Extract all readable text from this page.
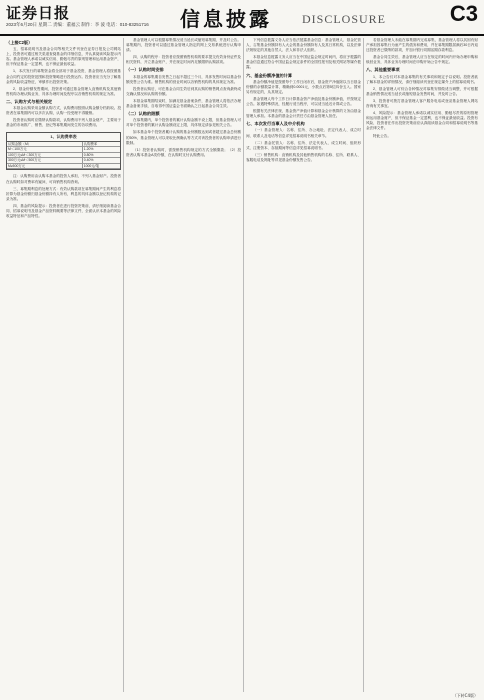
证券日报
2023年6月20日 星期二 责编：董福云 制作：李 波 电话：010-83251716 信息披露	DISCLOSURE	C3
（上接C2版）

五、招募说明书及基金合同等相关文件刊登在证券日报及公司网站上，投资者可通过相关渠道查阅基金的详细信息，并认真阅读风险提示内容。基金管理人承诺以诚实信用、勤勉尽责的原则管理和运用基金资产，但不保证基金一定盈利，也不保证最低收益。

1、本次发行的募集资金将全部用于基金投资，基金管理人将按照基金合同约定的投资范围和投资策略进行投资运作。投资者应当充分了解基金的风险收益特征，审慎作出投资决策。

2、基金份额发售期间，投资者可通过基金管理人直销机构及其他销售机构办理认购业务，具体办理时间及程序以各销售机构的规定为准。

二、认购方式与相关规定

本基金认购采用金额认购方式，认购费用按照认购金额分档收取。投资者在募集期内可以多次认购，认购一经受理不得撤销。

投资者认购时应缴纳认购款项，认购费用不列入基金财产，主要用于基金的市场推广、销售、登记等募集期间发生的各项费用。

1、认购费率表
认购金额（M）	认购费率
M＜100万元	1.20%
100万元≤M＜300万元	0.80%
300万元≤M＜500万元	0.40%
M≥500万元	1000元/笔

注：认购费用由认购本基金的投资人承担，不列入基金财产。投资者在认购时如对费率有疑问，可向销售机构咨询。

三、募集期利息的处理方式：有效认购款项在募集期间产生的利息将折算为基金份额归基金份额持有人所有，利息的具体金额以登记机构的记录为准。

四、基金的风险提示：投资者在进行投资决策前，请仔细阅读基金合同、招募说明书及基金产品资料概要等法律文件，全面认识本基金的风险收益特征和产品特性。

基金管理人可以根据募集情况适当延长或缩短募集期，并及时公告。募集期内，投资者可以通过基金管理人指定的网上交易系统进行认购申请。

四、认购的程序：投资者应按照销售机构的要求提交有效身份证件及相关资料，开立基金账户，并在规定时间内足额缴纳认购款项。

（一）认购时间安排

本基金的募集期自发售之日起不超过三个月，具体发售时间以基金份额发售公告为准。销售机构的营业时间以各销售机构的具体规定为准。

投资者认购后，可在基金合同生效后到其认购的销售网点查询最终成交确认情况和认购的份额。

本基金募集期结束时，如满足基金备案条件，基金管理人将依法办理基金备案手续，自取得中国证监会书面确认之日起基金合同生效。

（二）认购的限额

在募集期内，单个投资者的累计认购金额不设上限，但基金管理人可对单个投资者的累计认购金额设定上限，具体规定请参见相关公告。

如本基金单个投资者累计认购的基金份额数达到或者超过基金总份额的50%，基金管理人可以采取比例确认等方式对该投资者的认购申请进行限制。

（1）投资者认购时，需按销售机构规定的方式全额缴款；（2）投资者认购本基金A类份额，在认购时支付认购费用。

下列信息披露义务人应当依法披露基金信息：基金管理人、基金托管人、召集基金份额持有人大会的基金份额持有人及其日常机构，以及法律法规规定的其他自然人、法人和非法人组织。

本基金信息披露义务人应当在中国证监会规定时间内，将应予披露的基金信息通过符合中国证监会规定条件的全国性报刊及相关网站等媒介披露。

六、基金份额净值的计算

基金份额净值是按照每个工作日闭市后，基金资产净值除以当日基金份额的余额数量计算，精确到0.0001元，小数点后第5位四舍五入。国家另有规定的，从其规定。

基金管理人每个工作日计算基金资产净值及基金份额净值，并按规定公告。如遇特殊情况，经履行适当程序，可以适当延迟计算或公告。

根据有关法律法规，基金资产净值计算和基金会计核算的义务由基金管理人承担。本基金的基金会计责任方由基金管理人担任。

七、本次发行当事人及中介机构

（一）基金管理人：名称、住所、办公地址、法定代表人、成立时间、联系人及电话等信息详见招募说明书相关章节。

（二）基金托管人：名称、住所、法定代表人、成立时间、组织形式、注册资本、存续期间等信息详见招募说明书。

（三）销售机构：直销机构及其他销售机构的名称、住所、联系人、客服电话及网址等详见基金份额发售公告。

若基金管理人未能在募集期内完成募集，基金管理人将以其固有财产承担因募集行为而产生的债务和费用，并在募集期限届满后30日内返还投资者已缴纳的款项，并加计银行同期活期存款利息。

基金合同生效后，基金管理人应当在规定的时间内开始办理申购和赎回业务，具体业务办理时间在申购开始公告中规定。

八、其他重要事项

1、本公告仅对本基金募集的有关事项和规定予以说明。投资者欲了解本基金的详细情况，请仔细阅读刊登在规定媒介上的招募说明书。

2、基金管理人可综合各种情况对募集安排做适当调整，并可根据基金销售情况适当延长或缩短基金发售时间，并及时公告。

3、投资者可拨打基金管理人客户服务电话或登录基金管理人网站咨询有关事宜。

4、风险提示：基金管理人承诺以诚实信用、勤勉尽责的原则管理和运用基金财产，但不保证基金一定盈利，也不保证最低收益。投资有风险，投资者在作出投资决策前应认真阅读基金合同和招募说明书等基金法律文件。

特此公告。

（下转C4版）
